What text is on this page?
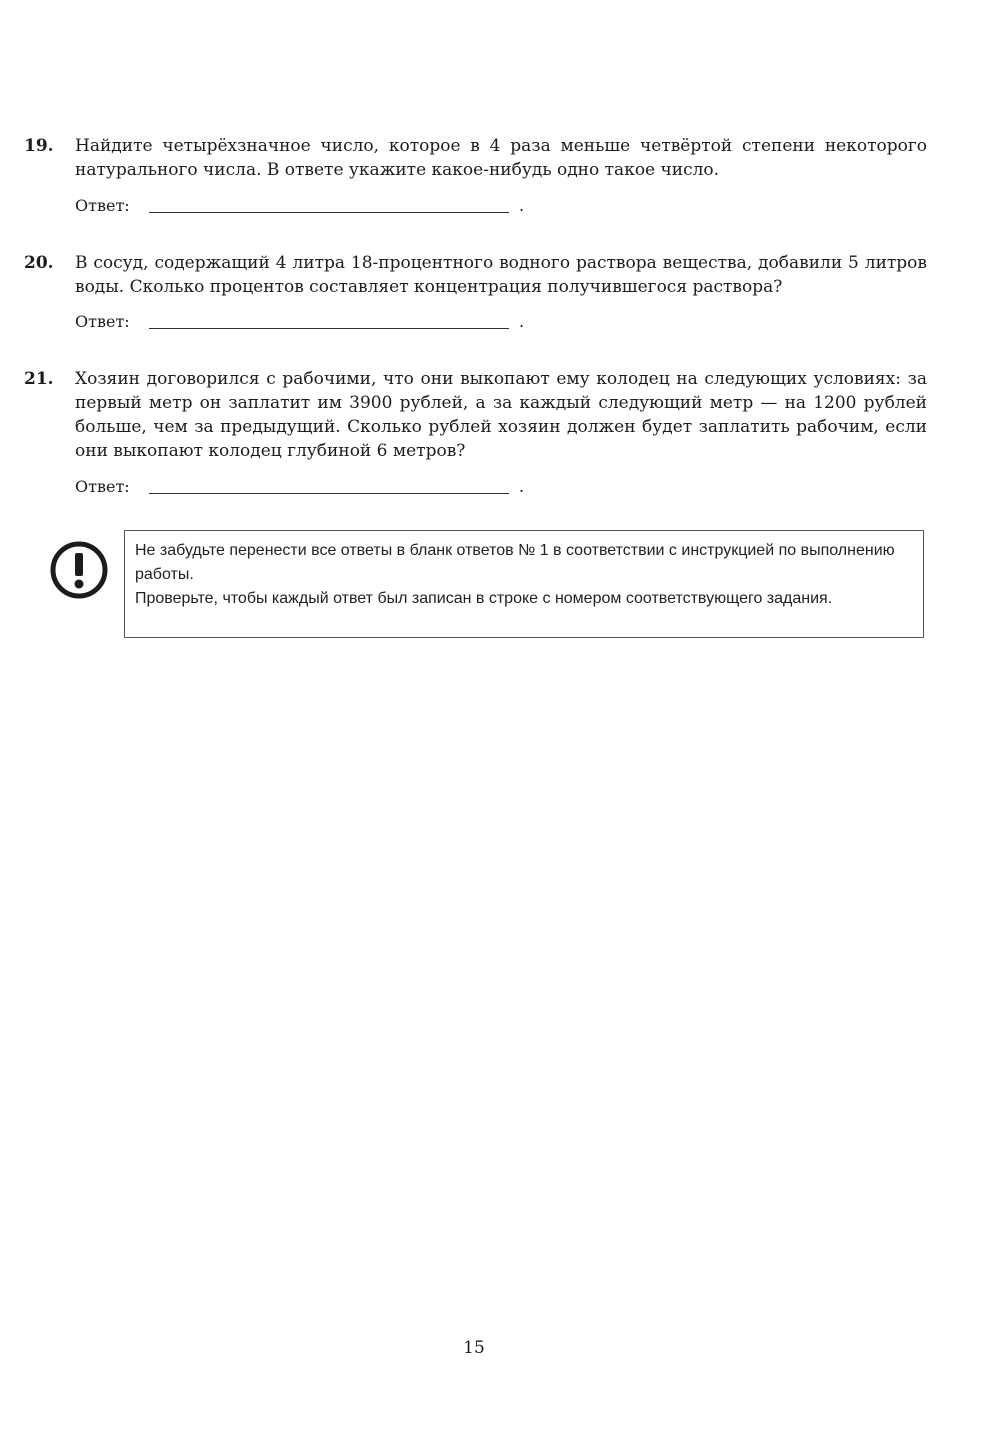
19. Найдите четырёхзначное число, которое в 4 раза меньше четвёртой степени некоторого натурального числа. В ответе укажите какое-нибудь одно такое число.
Ответ:	.
20. В сосуд, содержащий 4 литра 18-процентного водного раствора вещества, добавили 5 литров воды. Сколько процентов составляет концентрация получившегося раствора?
Ответ:	.
21. Хозяин договорился с рабочими, что они выкопают ему колодец на следующих условиях: за первый метр он заплатит им 3900 рублей, а за каждый следующий метр — на 1200 рублей больше, чем за предыдущий. Сколько рублей хозяин должен будет заплатить рабочим, если они выкопают колодец глубиной 6 метров?
Ответ:	.

Не забудьте перенести все ответы в бланк ответов № 1 в соответствии с инструкцией по выполнению работы.

Проверьте, чтобы каждый ответ был записан в строке с номером соответствующего задания.

15
